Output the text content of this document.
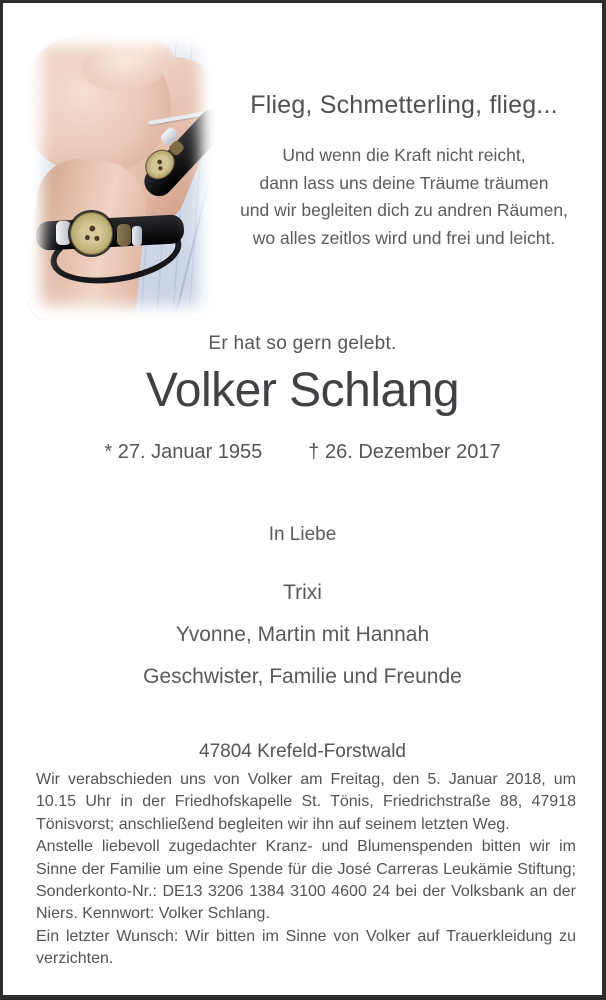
Flieg, Schmetterling, flieg...
Und wenn die Kraft nicht reicht,
dann lass uns deine Träume träumen
und wir begleiten dich zu andren Räumen,
wo alles zeitlos wird und frei und leicht.
Er hat so gern gelebt.
Volker Schlang
* 27. Januar 1955 † 26. Dezember 2017
In Liebe
Trixi
Yvonne, Martin mit Hannah
Geschwister, Familie und Freunde
47804 Krefeld-Forstwald

Wir verabschieden uns von Volker am Freitag, den 5. Januar 2018, um 10.15 Uhr in der Friedhofskapelle St. Tönis, Friedrichstraße 88, 47918 Tönisvorst; anschließend begleiten wir ihn auf seinem letzten Weg.

Anstelle liebevoll zugedachter Kranz- und Blumenspenden bitten wir im Sinne der Familie um eine Spende für die José Carreras Leukämie Stiftung; Sonderkonto-Nr.: DE13 3206 1384 3100 4600 24 bei der Volksbank an der Niers. Kennwort: Volker Schlang.

Ein letzter Wunsch: Wir bitten im Sinne von Volker auf Trauerkleidung zu verzichten.
